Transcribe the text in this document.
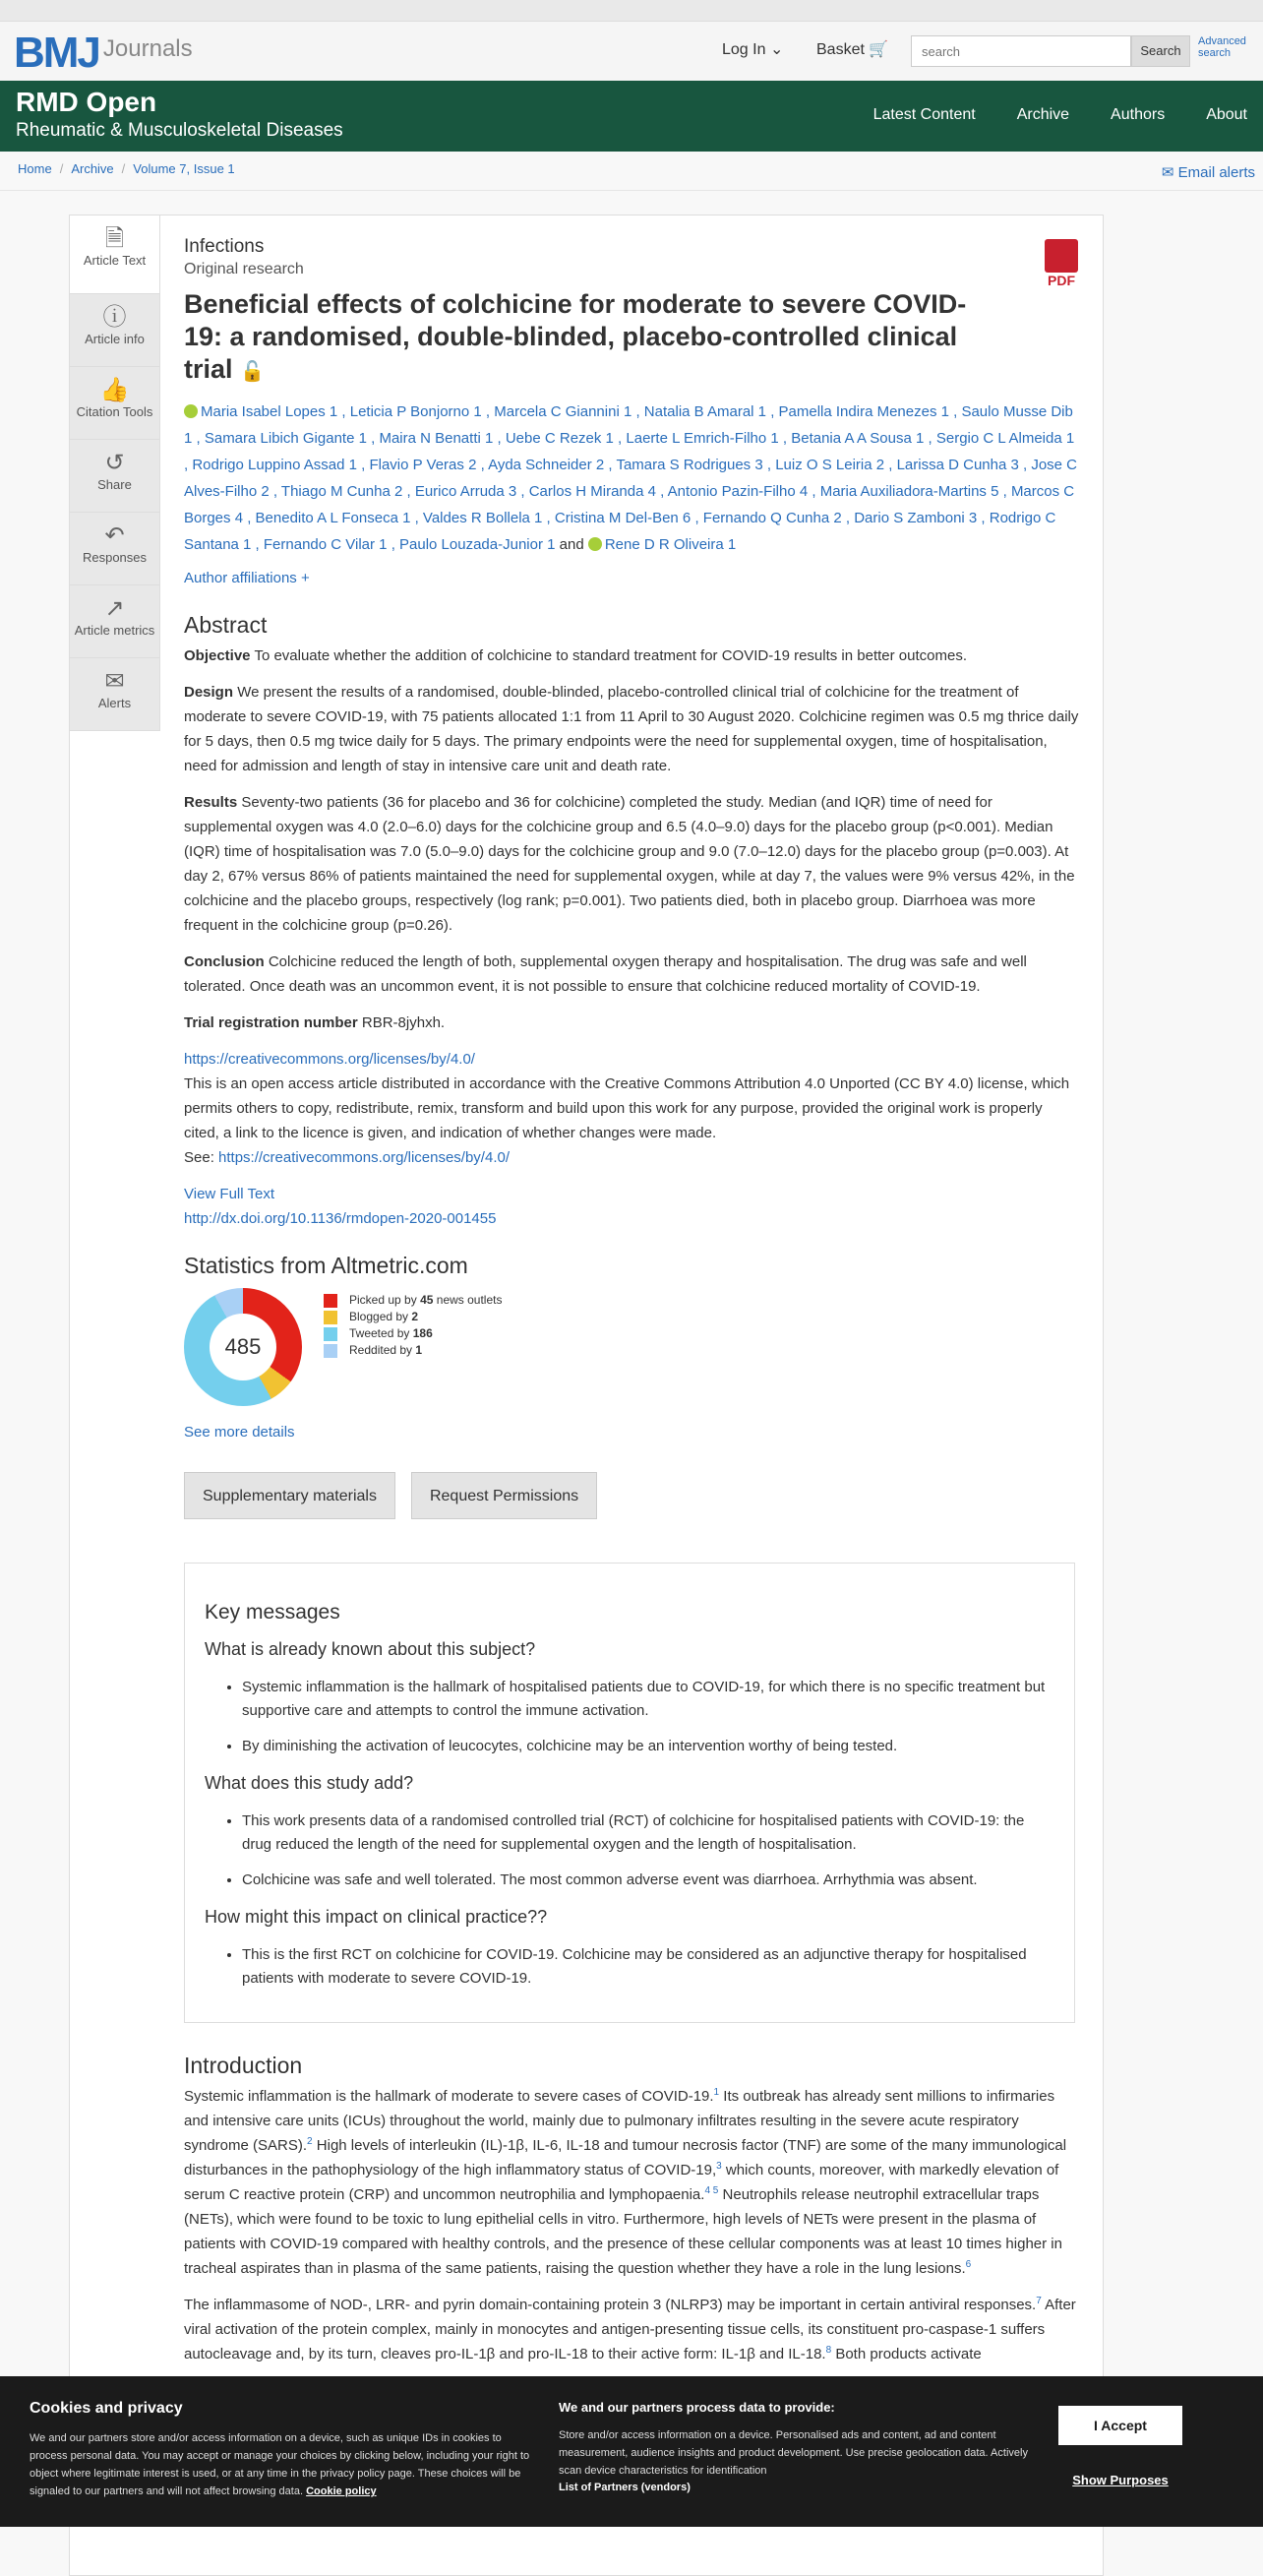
BMJ Journals	Log In ⌄ Basket 🛒
search	Search
Advanced search
RMD Open
Rheumatic & Musculoskeletal Diseases
Latest Content	Archive	Authors	About
Home / Archive / Volume 7, Issue 1	✉ Email alerts
🗎
Article Text
ⓘ
Article info
👍
Citation Tools
↺
Share
↶
Responses
↗
Article metrics
✉
Alerts
PDF
Infections
Original research
Beneficial effects of colchicine for moderate to severe COVID-19: a randomised, double-blinded, placebo-controlled clinical trial 🔓
Maria Isabel Lopes 1 , Leticia P Bonjorno 1 , Marcela C Giannini 1 , Natalia B Amaral 1 , Pamella Indira Menezes 1 , Saulo Musse Dib 1 , Samara Libich Gigante 1 , Maira N Benatti 1 , Uebe C Rezek 1 , Laerte L Emrich-Filho 1 , Betania A A Sousa 1 , Sergio C L Almeida 1 , Rodrigo Luppino Assad 1 , Flavio P Veras 2 , Ayda Schneider 2 , Tamara S Rodrigues 3 , Luiz O S Leiria 2 , Larissa D Cunha 3 , Jose C Alves-Filho 2 , Thiago M Cunha 2 , Eurico Arruda 3 , Carlos H Miranda 4 , Antonio Pazin-Filho 4 , Maria Auxiliadora-Martins 5 , Marcos C Borges 4 , Benedito A L Fonseca 1 , Valdes R Bollela 1 , Cristina M Del-Ben 6 , Fernando Q Cunha 2 , Dario S Zamboni 3 , Rodrigo C Santana 1 , Fernando C Vilar 1 , Paulo Louzada-Junior 1 and Rene D R Oliveira 1
Author affiliations +
Abstract

Objective To evaluate whether the addition of colchicine to standard treatment for COVID-19 results in better outcomes.

Design We present the results of a randomised, double-blinded, placebo-controlled clinical trial of colchicine for the treatment of moderate to severe COVID-19, with 75 patients allocated 1:1 from 11 April to 30 August 2020. Colchicine regimen was 0.5 mg thrice daily for 5 days, then 0.5 mg twice daily for 5 days. The primary endpoints were the need for supplemental oxygen, time of hospitalisation, need for admission and length of stay in intensive care unit and death rate.

Results Seventy-two patients (36 for placebo and 36 for colchicine) completed the study. Median (and IQR) time of need for supplemental oxygen was 4.0 (2.0–6.0) days for the colchicine group and 6.5 (4.0–9.0) days for the placebo group (p<0.001). Median (IQR) time of hospitalisation was 7.0 (5.0–9.0) days for the colchicine group and 9.0 (7.0–12.0) days for the placebo group (p=0.003). At day 2, 67% versus 86% of patients maintained the need for supplemental oxygen, while at day 7, the values were 9% versus 42%, in the colchicine and the placebo groups, respectively (log rank; p=0.001). Two patients died, both in placebo group. Diarrhoea was more frequent in the colchicine group (p=0.26).

Conclusion Colchicine reduced the length of both, supplemental oxygen therapy and hospitalisation. The drug was safe and well tolerated. Once death was an uncommon event, it is not possible to ensure that colchicine reduced mortality of COVID-19.

Trial registration number RBR-8jyhxh.

https://creativecommons.org/licenses/by/4.0/

This is an open access article distributed in accordance with the Creative Commons Attribution 4.0 Unported (CC BY 4.0) license, which permits others to copy, redistribute, remix, transform and build upon this work for any purpose, provided the original work is properly cited, a link to the licence is given, and indication of whether changes were made.

See: https://creativecommons.org/licenses/by/4.0/

View Full Text

http://dx.doi.org/10.1136/rmdopen-2020-001455

Statistics from Altmetric.com
485
Picked up by
45
news outlets
Blogged by
2
Tweeted by
186
Reddited by
1

See more details

Supplementary materials	Request Permissions
Key messages
What is already known about this subject?
• Systemic inflammation is the hallmark of hospitalised patients due to COVID-19, for which there is no specific treatment but supportive care and attempts to control the immune activation.
• By diminishing the activation of leucocytes, colchicine may be an intervention worthy of being tested.
What does this study add?
• This work presents data of a randomised controlled trial (RCT) of colchicine for hospitalised patients with COVID-19: the drug reduced the length of the need for supplemental oxygen and the length of hospitalisation.
• Colchicine was safe and well tolerated. The most common adverse event was diarrhoea. Arrhythmia was absent.
How might this impact on clinical practice??
• This is the first RCT on colchicine for COVID-19. Colchicine may be considered as an adjunctive therapy for hospitalised patients with moderate to severe COVID-19.
Introduction

Systemic inflammation is the hallmark of moderate to severe cases of COVID-19.$^1$ Its outbreak has already sent millions to infirmaries and intensive care units (ICUs) throughout the world, mainly due to pulmonary infiltrates resulting in the severe acute respiratory syndrome (SARS).$^2$ High levels of interleukin (IL)-1β, IL-6, IL-18 and tumour necrosis factor (TNF) are some of the many immunological disturbances in the pathophysiology of the high inflammatory status of COVID-19,$^3$ which counts, moreover, with markedly elevation of serum C reactive protein (CRP) and uncommon neutrophilia and lymphopaenia.$^{4 5}$ Neutrophils release neutrophil extracellular traps (NETs), which were found to be toxic to lung epithelial cells in vitro. Furthermore, high levels of NETs were present in the plasma of patients with COVID-19 compared with healthy controls, and the presence of these cellular components was at least 10 times higher in tracheal aspirates than in plasma of the same patients, raising the question whether they have a role in the lung lesions.$^6$

The inflammasome of NOD-, LRR- and pyrin domain-containing protein 3 (NLRP3) may be important in certain antiviral responses.$^7$ After viral activation of the protein complex, mainly in monocytes and antigen-presenting tissue cells, its constituent pro-caspase-1 suffers autocleavage and, by its turn, cleaves pro-IL-1β and pro-IL-18 to their active form: IL-1β and IL-18.$^8$ Both products activate

Cookies and privacy
We and our partners store and/or access information on a device, such as unique IDs in cookies to process personal data. You may accept or manage your choices by clicking below, including your right to object where legitimate interest is used, or at any time in the privacy policy page. These choices will be signaled to our partners and will not affect browsing data. Cookie policy
We and our partners process data to provide:
Store and/or access information on a device. Personalised ads and content, ad and content measurement, audience insights and product development. Use precise geolocation data. Actively scan device characteristics for identification
List of Partners (vendors)
I Accept
Show Purposes
